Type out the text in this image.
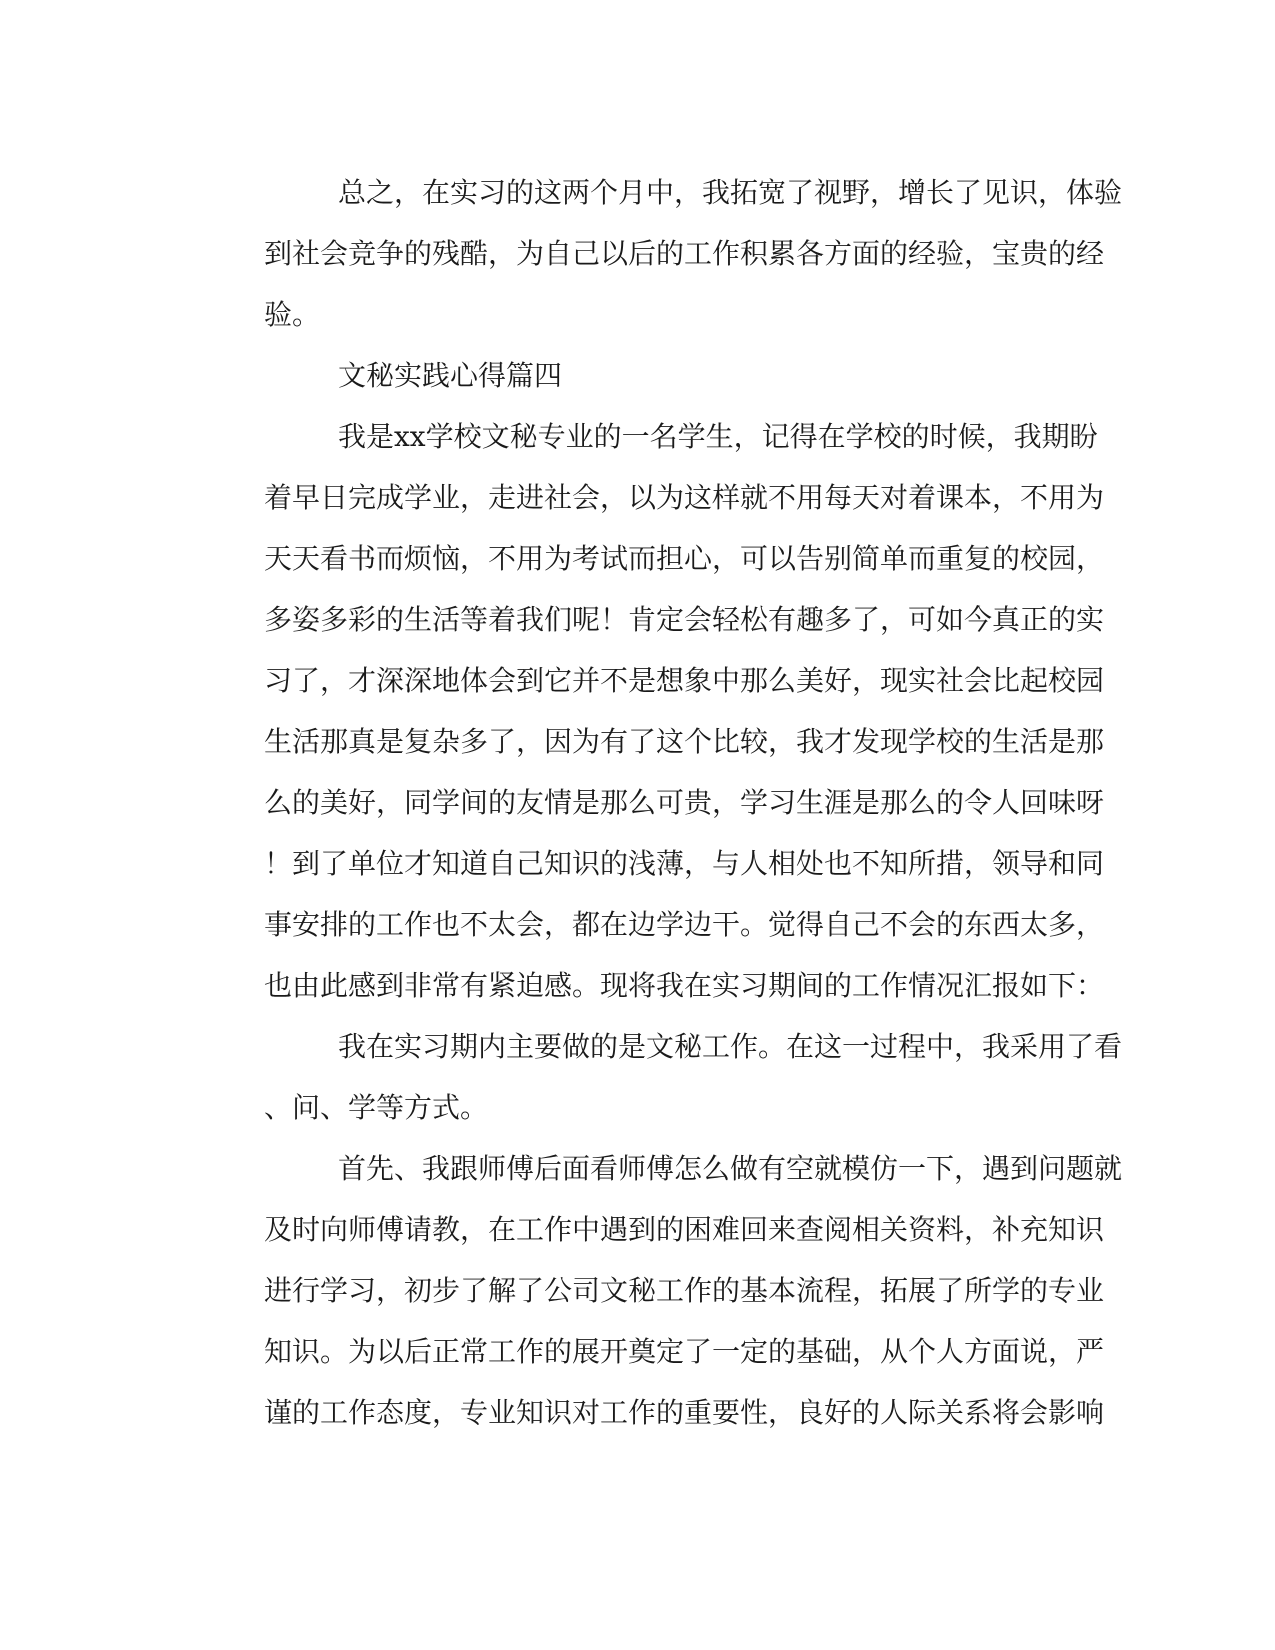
总之，在实习的这两个月中，我拓宽了视野，增长了见识，体验
到社会竞争的残酷，为自己以后的工作积累各方面的经验，宝贵的经
验。
文秘实践心得篇四
我是xx学校文秘专业的一名学生，记得在学校的时候，我期盼
着早日完成学业，走进社会，以为这样就不用每天对着课本，不用为
天天看书而烦恼，不用为考试而担心，可以告别简单而重复的校园，
多姿多彩的生活等着我们呢！肯定会轻松有趣多了，可如今真正的实
习了，才深深地体会到它并不是想象中那么美好，现实社会比起校园
生活那真是复杂多了，因为有了这个比较，我才发现学校的生活是那
么的美好，同学间的友情是那么可贵，学习生涯是那么的令人回味呀
！到了单位才知道自己知识的浅薄，与人相处也不知所措，领导和同
事安排的工作也不太会，都在边学边干。觉得自己不会的东西太多，
也由此感到非常有紧迫感。现将我在实习期间的工作情况汇报如下：
我在实习期内主要做的是文秘工作。在这一过程中，我采用了看
、问、学等方式。
首先、我跟师傅后面看师傅怎么做有空就模仿一下，遇到问题就
及时向师傅请教，在工作中遇到的困难回来查阅相关资料，补充知识
进行学习，初步了解了公司文秘工作的基本流程，拓展了所学的专业
知识。为以后正常工作的展开奠定了一定的基础，从个人方面说，严
谨的工作态度，专业知识对工作的重要性，良好的人际关系将会影响
